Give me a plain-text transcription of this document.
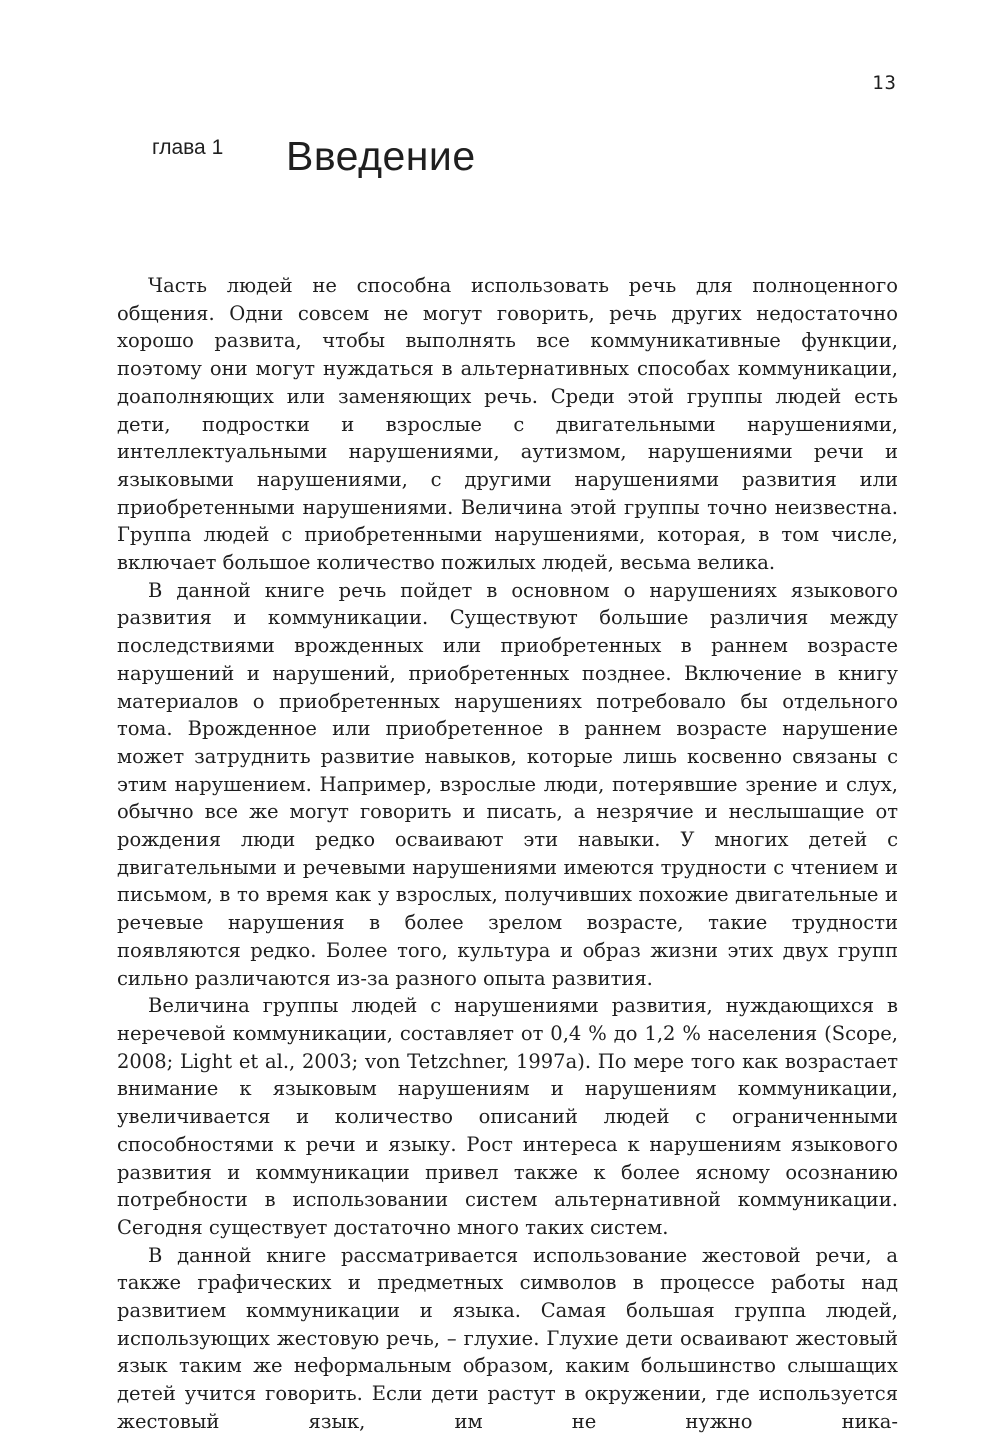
13
глава 1 Введение

Часть людей не способна использовать речь для полноценного общения. Одни совсем не могут говорить, речь других недостаточно хорошо развита, чтобы выполнять все коммуникативные функции, поэтому они могут нуждаться в альтернативных способах коммуникации, доаполняющих или заменяющих речь. Среди этой группы людей есть дети, подростки и взрослые с двигательными нарушениями, интеллектуальными нарушениями, аутизмом, нарушениями речи и языковыми нарушениями, с другими нарушениями развития или приобретенными нарушениями. Величина этой группы точно неизвестна. Группа людей с приобретенными нарушениями, которая, в том числе, включает большое количество пожилых людей, весьма велика.

В данной книге речь пойдет в основном о нарушениях языкового развития и коммуникации. Существуют большие различия между последствиями врожденных или приобретенных в раннем возрасте нарушений и нарушений, приобретенных позднее. Включение в книгу материалов о приобретенных нарушениях потребовало бы отдельного тома. Врожденное или приобретенное в раннем возрасте нарушение может затруднить развитие навыков, которые лишь косвенно связаны с этим нарушением. Например, взрослые люди, потерявшие зрение и слух, обычно все же могут говорить и писать, а незрячие и неслышащие от рождения люди редко осваивают эти навыки. У многих детей с двигательными и речевыми нарушениями имеются трудности с чтением и письмом, в то время как у взрослых, получивших похожие двигательные и речевые нарушения в более зрелом возрасте, такие трудности появляются редко. Более того, культура и образ жизни этих двух групп сильно различаются из-за разного опыта развития.

Величина группы людей с нарушениями развития, нуждающихся в неречевой коммуникации, составляет от 0,4 % до 1,2 % населения (Scope, 2008; Light et al., 2003; von Tetzchner, 1997a). По мере того как возрастает внимание к языковым нарушениям и нарушениям коммуникации, увеличивается и количество описаний людей с ограниченными способностями к речи и языку. Рост интереса к нарушениям языкового развития и коммуникации привел также к более ясному осознанию потребности в использовании систем альтернативной коммуникации. Сегодня существует достаточно много таких систем.

В данной книге рассматривается использование жестовой речи, а также графических и предметных символов в процессе работы над развитием коммуникации и языка. Самая большая группа людей, использующих жестовую речь, – глухие. Глухие дети осваивают жестовый язык таким же неформальным образом, каким большинство слышащих детей учится говорить. Если дети растут в окружении, где используется жестовый язык, им не нужно ника-
